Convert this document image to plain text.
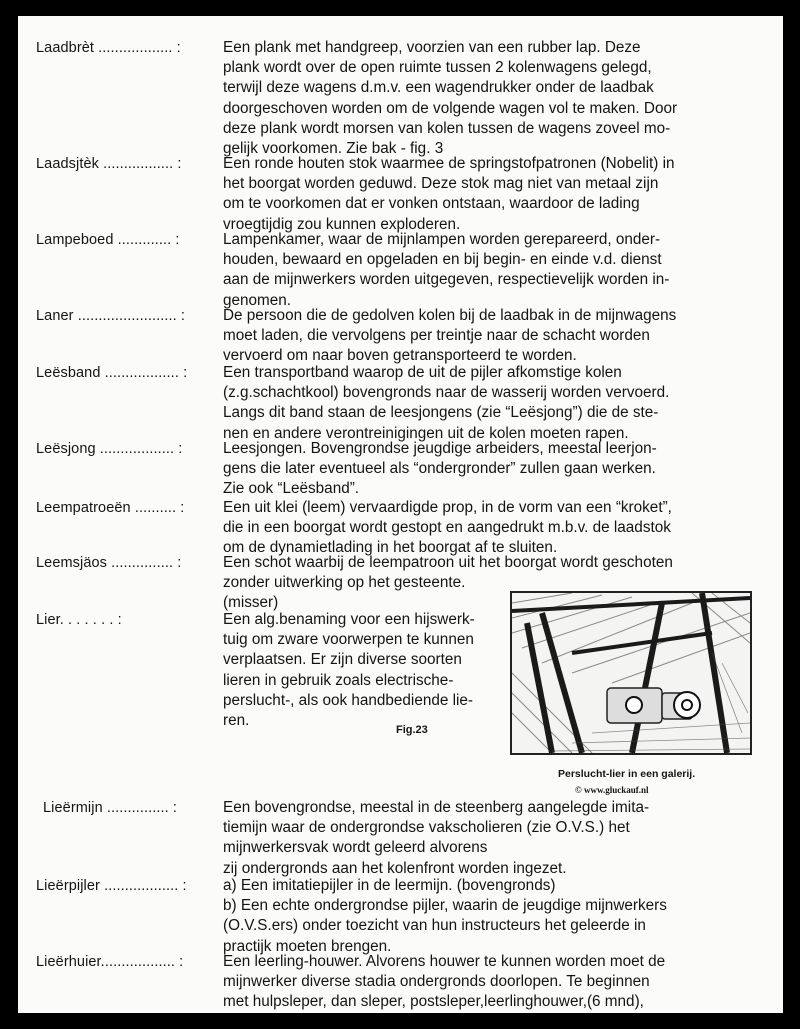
Laadbrèt .................. :	Een plank met handgreep, voorzien van een rubber lap. Deze
plank wordt over de open ruimte tussen 2 kolenwagens gelegd,
terwijl deze wagens d.m.v. een wagendrukker onder de laadbak
doorgeschoven worden om de volgende wagen vol te maken. Door
deze plank wordt morsen van kolen tussen de wagens zoveel mo-
gelijk voorkomen. Zie bak - fig. 3
Laadsjtèk ................. :	Een ronde houten stok waarmee de springstofpatronen (Nobelit) in
het boorgat worden geduwd. Deze stok mag niet van metaal zijn
om te voorkomen dat er vonken ontstaan, waardoor de lading
vroegtijdig zou kunnen exploderen.
Lampeboed ............. :	Lampenkamer, waar de mijnlampen worden gerepareerd, onder-
houden, bewaard en opgeladen en bij begin- en einde v.d. dienst
aan de mijnwerkers worden uitgegeven, respectievelijk worden in-
genomen.
Laner ........................ :	De persoon die de gedolven kolen bij de laadbak in de mijnwagens
moet laden, die vervolgens per treintje naar de schacht worden
vervoerd om naar boven getransporteerd te worden.
Leësband .................. :	Een transportband waarop de uit de pijler afkomstige kolen
(z.g.schachtkool) bovengronds naar de wasserij worden vervoerd.
Langs dit band staan de leesjongens (zie “Leësjong”) die de ste-
nen en andere verontreinigingen uit de kolen moeten rapen.
Leësjong .................. :	Leesjongen. Bovengrondse jeugdige arbeiders, meestal leerjon-
gens die later eventueel als “ondergronder” zullen gaan werken.
Zie ook “Leësband”.
Leempatroeën .......... :	Een uit klei (leem) vervaardigde prop, in de vorm van een “kroket”,
die in een boorgat wordt gestopt en aangedrukt m.b.v. de laadstok
om de dynamietlading in het boorgat af te sluiten.
Leemsjäos ............... :	Een schot waarbij de leempatroon uit het boorgat wordt geschoten
zonder uitwerking op het gesteente.
(misser)
Lier. . . . . . . :	Een alg.benaming voor een hijswerk-
tuig om zware voorwerpen te kunnen
verplaatsen. Er zijn diverse soorten
lieren in gebruik zoals electrische-
perslucht-, als ook handbediende lie-
ren.
Fig.23
Perslucht-lier in een galerij.
© www.gluckauf.nl
Lieërmijn ............... :	Een bovengrondse, meestal in de steenberg aangelegde imita-
tiemijn waar de ondergrondse vakscholieren (zie O.V.S.) het
mijnwerkersvak wordt geleerd alvorens
zij ondergronds aan het kolenfront worden ingezet.
Lieërpijler .................. :	a) Een imitatiepijler in de leermijn. (bovengronds)
b) Een echte ondergrondse pijler, waarin de jeugdige mijnwerkers
(O.V.S.ers) onder toezicht van hun instructeurs het geleerde in
practijk moeten brengen.
Lieërhuier.................. :	Een leerling-houwer. Alvorens houwer te kunnen worden moet de
mijnwerker diverse stadia ondergronds doorlopen. Te beginnen
met hulpsleper, dan sleper, postsleper,leerlinghouwer,(6 mnd),
